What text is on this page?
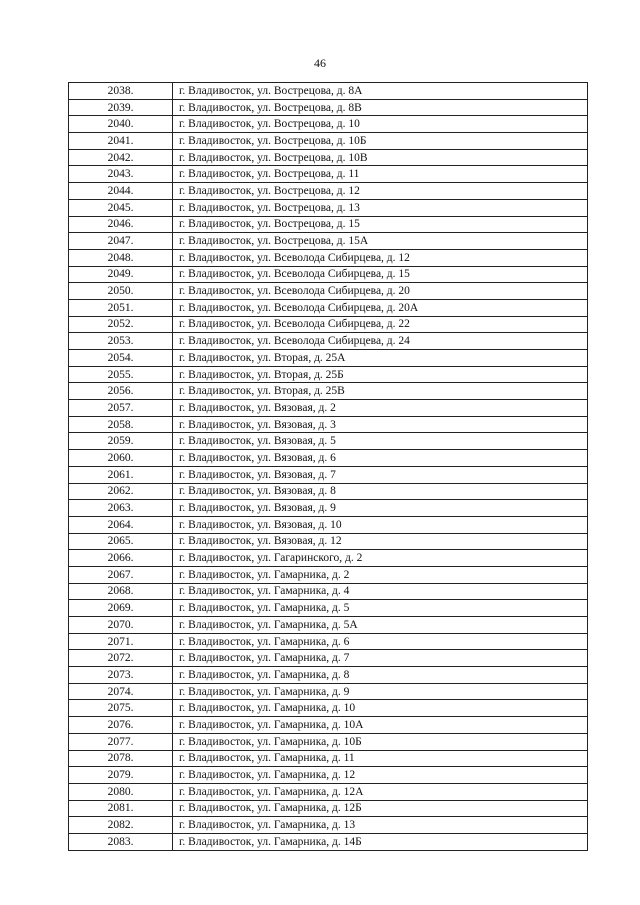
46
2038.	г. Владивосток, ул. Вострецова, д. 8А
2039.	г. Владивосток, ул. Вострецова, д. 8В
2040.	г. Владивосток, ул. Вострецова, д. 10
2041.	г. Владивосток, ул. Вострецова, д. 10Б
2042.	г. Владивосток, ул. Вострецова, д. 10В
2043.	г. Владивосток, ул. Вострецова, д. 11
2044.	г. Владивосток, ул. Вострецова, д. 12
2045.	г. Владивосток, ул. Вострецова, д. 13
2046.	г. Владивосток, ул. Вострецова, д. 15
2047.	г. Владивосток, ул. Вострецова, д. 15А
2048.	г. Владивосток, ул. Всеволода Сибирцева, д. 12
2049.	г. Владивосток, ул. Всеволода Сибирцева, д. 15
2050.	г. Владивосток, ул. Всеволода Сибирцева, д. 20
2051.	г. Владивосток, ул. Всеволода Сибирцева, д. 20А
2052.	г. Владивосток, ул. Всеволода Сибирцева, д. 22
2053.	г. Владивосток, ул. Всеволода Сибирцева, д. 24
2054.	г. Владивосток, ул. Вторая, д. 25А
2055.	г. Владивосток, ул. Вторая, д. 25Б
2056.	г. Владивосток, ул. Вторая, д. 25В
2057.	г. Владивосток, ул. Вязовая, д. 2
2058.	г. Владивосток, ул. Вязовая, д. 3
2059.	г. Владивосток, ул. Вязовая, д. 5
2060.	г. Владивосток, ул. Вязовая, д. 6
2061.	г. Владивосток, ул. Вязовая, д. 7
2062.	г. Владивосток, ул. Вязовая, д. 8
2063.	г. Владивосток, ул. Вязовая, д. 9
2064.	г. Владивосток, ул. Вязовая, д. 10
2065.	г. Владивосток, ул. Вязовая, д. 12
2066.	г. Владивосток, ул. Гагаринского, д. 2
2067.	г. Владивосток, ул. Гамарника, д. 2
2068.	г. Владивосток, ул. Гамарника, д. 4
2069.	г. Владивосток, ул. Гамарника, д. 5
2070.	г. Владивосток, ул. Гамарника, д. 5А
2071.	г. Владивосток, ул. Гамарника, д. 6
2072.	г. Владивосток, ул. Гамарника, д. 7
2073.	г. Владивосток, ул. Гамарника, д. 8
2074.	г. Владивосток, ул. Гамарника, д. 9
2075.	г. Владивосток, ул. Гамарника, д. 10
2076.	г. Владивосток, ул. Гамарника, д. 10А
2077.	г. Владивосток, ул. Гамарника, д. 10Б
2078.	г. Владивосток, ул. Гамарника, д. 11
2079.	г. Владивосток, ул. Гамарника, д. 12
2080.	г. Владивосток, ул. Гамарника, д. 12А
2081.	г. Владивосток, ул. Гамарника, д. 12Б
2082.	г. Владивосток, ул. Гамарника, д. 13
2083.	г. Владивосток, ул. Гамарника, д. 14Б
